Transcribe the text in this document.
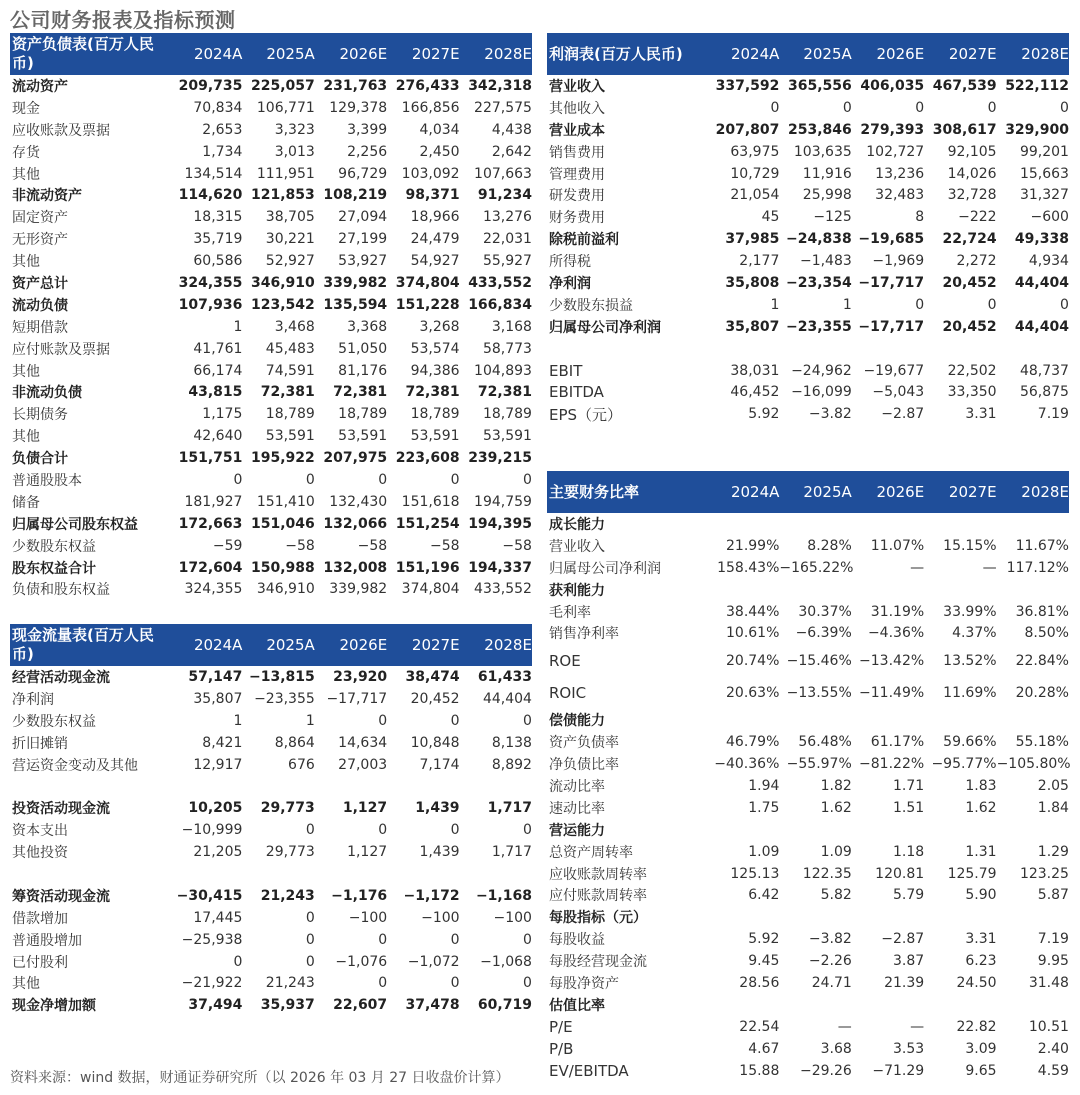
公司财务报表及指标预测
资产负债表(百万人民币)	2024A	2025A	2026E	2027E	2028E
流动资产	209,735 225,057 231,763 276,433 342,318
现金	70,834	106,771	129,378	166,856	227,575
应收账款及票据	2,653	3,323	3,399	4,034	4,438
存货	1,734	3,013	2,256	2,450	2,642
其他	134,514	111,951	96,729	103,092	107,663
非流动资产	114,620 121,853 108,219	98,371	91,234
固定资产	18,315	38,705	27,094	18,966	13,276
无形资产	35,719	30,221	27,199	24,479	22,031
其他	60,586	52,927	53,927	54,927	55,927
资产总计	324,355 346,910 339,982 374,804 433,552
流动负债	107,936 123,542 135,594 151,228 166,834
短期借款	1	3,468	3,368	3,268	3,168
应付账款及票据	41,761	45,483	51,050	53,574	58,773
其他	66,174	74,591	81,176	94,386	104,893
非流动负债	43,815	72,381	72,381	72,381	72,381
长期债务	1,175	18,789	18,789	18,789	18,789
其他	42,640	53,591	53,591	53,591	53,591
负债合计	151,751 195,922 207,975 223,608 239,215
普通股股本	0	0	0	0	0
储备	181,927	151,410	132,430	151,618	194,759
归属母公司股东权益	172,663 151,046 132,066 151,254 194,395
少数股东权益	−59	−58	−58	−58	−58
股东权益合计	172,604 150,988 132,008 151,196 194,337
负债和股东权益	324,355	346,910	339,982	374,804	433,552
现金流量表(百万人民币)	2024A	2025A	2026E	2027E	2028E
经营活动现金流	57,147 −13,815	23,920	38,474	61,433
净利润	35,807 −23,355 −17,717	20,452	44,404
少数股东权益	1	1	0	0	0
折旧摊销	8,421	8,864	14,634	10,848	8,138
营运资金变动及其他	12,917	676	27,003	7,174	8,892
投资活动现金流	10,205	29,773	1,127	1,439	1,717
资本支出	−10,999	0	0	0	0
其他投资	21,205	29,773	1,127	1,439	1,717
筹资活动现金流	−30,415	21,243	−1,176	−1,172	−1,168
借款增加	17,445	0	−100	−100	−100
普通股增加	−25,938	0	0	0	0
已付股利	0	0	−1,076	−1,072	−1,068
其他	−21,922	21,243	0	0	0
现金净增加额	37,494	35,937	22,607	37,478	60,719
利润表(百万人民币)	2024A	2025A	2026E	2027E	2028E
营业收入	337,592 365,556 406,035 467,539 522,112
其他收入	0	0	0	0	0
营业成本	207,807 253,846 279,393 308,617 329,900
销售费用	63,975	103,635	102,727	92,105	99,201
管理费用	10,729	11,916	13,236	14,026	15,663
研发费用	21,054	25,998	32,483	32,728	31,327
财务费用	45	−125	8	−222	−600
除税前溢利	37,985 −24,838 −19,685	22,724	49,338
所得税	2,177	−1,483	−1,969	2,272	4,934
净利润	35,808 −23,354 −17,717	20,452	44,404
少数股东损益	1	1	0	0	0
归属母公司净利润	35,807 −23,355 −17,717	20,452	44,404
EBIT	38,031 −24,962 −19,677	22,502	48,737
EBITDA	46,452 −16,099	−5,043	33,350	56,875
EPS（元）	5.92	−3.82	−2.87	3.31	7.19
主要财务比率	2024A	2025A	2026E	2027E	2028E
成长能力
营业收入	21.99%	8.28%	11.07%	15.15%	11.67%
归属母公司净利润	158.43% −165.22%	—	— 117.12%
获利能力
毛利率	38.44%	30.37%	31.19%	33.99%	36.81%
销售净利率	10.61%	−6.39%	−4.36%	4.37%	8.50%
ROE	20.74% −15.46% −13.42%	13.52%	22.84%
ROIC	20.63% −13.55% −11.49%	11.69%	20.28%
偿债能力
资产负债率	46.79%	56.48%	61.17%	59.66%	55.18%
净负债比率	−40.36% −55.97% −81.22% −95.77% −105.80%
流动比率	1.94	1.82	1.71	1.83	2.05
速动比率	1.75	1.62	1.51	1.62	1.84
营运能力
总资产周转率	1.09	1.09	1.18	1.31	1.29
应收账款周转率	125.13	122.35	120.81	125.79	123.25
应付账款周转率	6.42	5.82	5.79	5.90	5.87
每股指标（元）
每股收益	5.92	−3.82	−2.87	3.31	7.19
每股经营现金流	9.45	−2.26	3.87	6.23	9.95
每股净资产	28.56	24.71	21.39	24.50	31.48
估值比率
P/E	22.54	—	—	22.82	10.51
P/B	4.67	3.68	3.53	3.09	2.40
EV/EBITDA	15.88	−29.26	−71.29	9.65	4.59
资料来源：wind 数据，财通证券研究所（以 2026 年 03 月 27 日收盘价计算）
